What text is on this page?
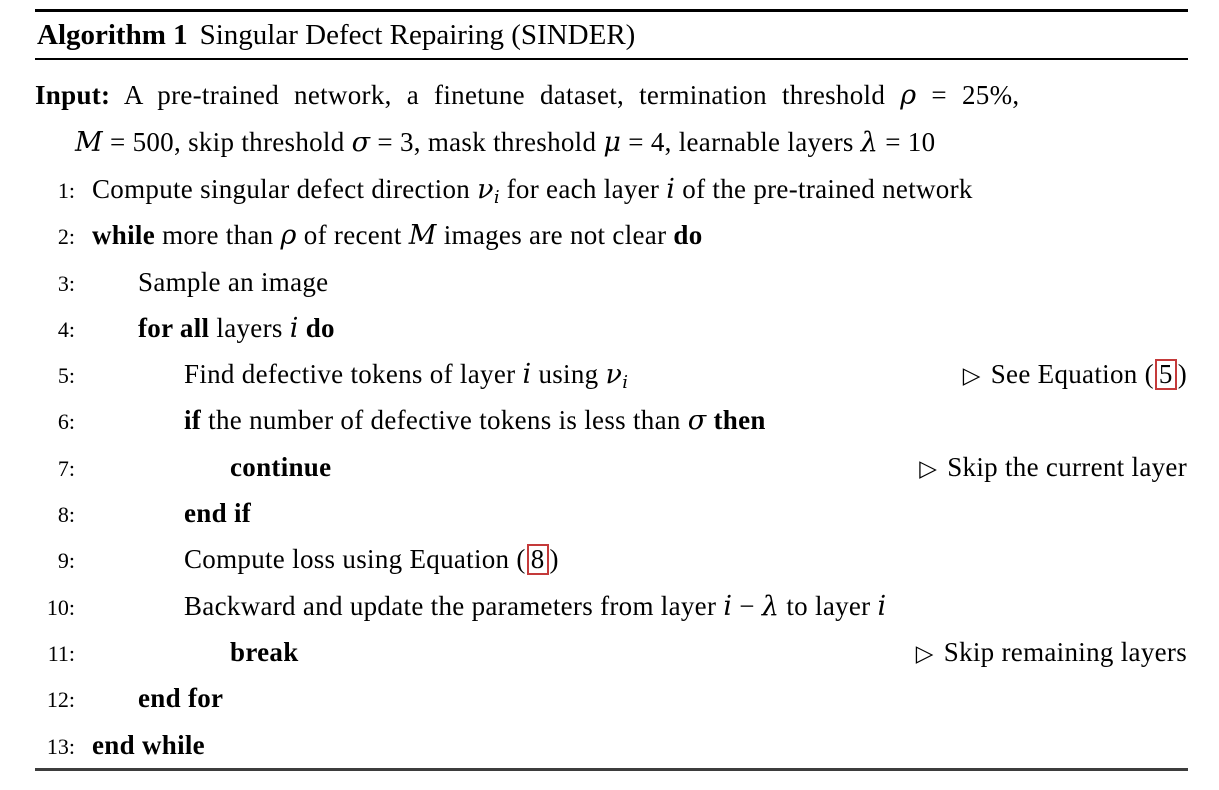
Algorithm 1 Singular Defect Repairing (SINDER)
Input: A pre-trained network, a finetune dataset, termination threshold ρ = 25%,
M = 500, skip threshold σ = 3, mask threshold μ = 4, learnable layers λ = 10
1: Compute singular defect direction νi for each layer i of the pre-trained network
2: while more than ρ of recent M images are not clear do
3: Sample an image
4: for all layers i do
5:	Find defective tokens of layer i using νi	▷ See Equation ( 5 )
6:	if the number of defective tokens is less than σ then
7:	continue	▷ Skip the current layer
8:	end if
9:	Compute loss using Equation ( 8 )
10:	Backward and update the parameters from layer i − λ to layer i
11:	break	▷ Skip remaining layers
12: end for
13: end while
